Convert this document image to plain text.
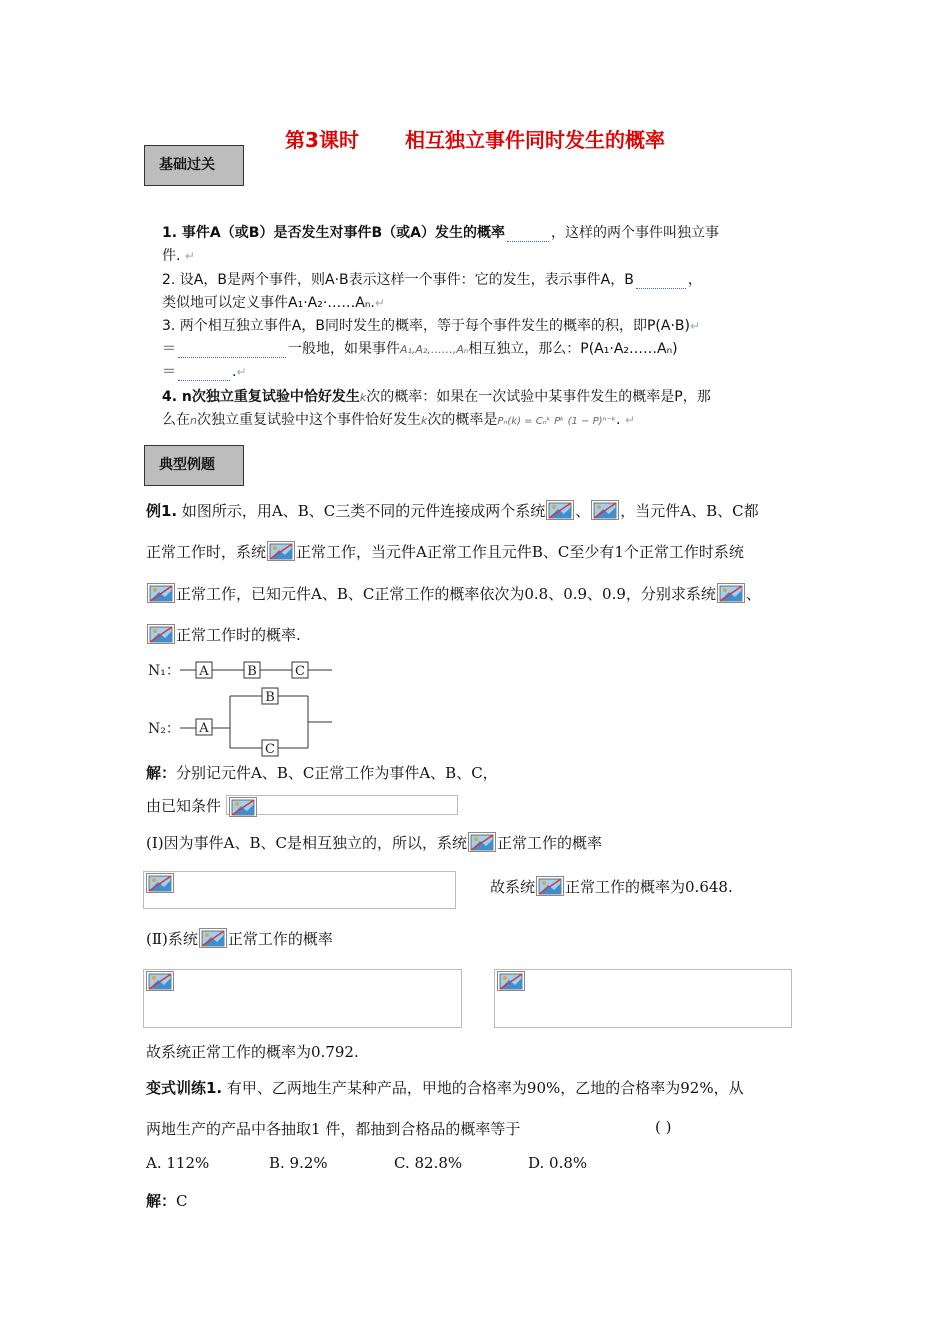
第3课时 相互独立事件同时发生的概率
基础过关
1. 事件A（或B）是否发生对事件B（或A）发生的概率	，这样的两个事件叫独立事
件. ↵
2. 设A，B是两个事件，则A·B表示这样一个事件：它的发生，表示事件A，B	，
类似地可以定义事件A₁·A₂·……Aₙ.↵
3. 两个相互独立事件A，B同时发生的概率，等于每个事件发生的概率的积，即P(A·B)↵
＝	一般地，如果事件A₁,A₂,……,Aₙ相互独立，那么：P(A₁·A₂……Aₙ)
＝	.↵
4. n次独立重复试验中恰好发生k次的概率：如果在一次试验中某事件发生的概率是P，那
么在n次独立重复试验中这个事件恰好发生k次的概率是Pₙ(k) = Cₙᵏ Pᵏ (1 − P)ⁿ⁻ᵏ. ↵
典型例题
例1. 如图所示，用A、B、C三类不同的元件连接成两个系统 、 ，当元件A、B、C都
正常工作时，系统 正常工作，当元件A正常工作且元件B、C至少有1个正常工作时系统
正常工作，已知元件A、B、C正常工作的概率依次为0.8、0.9、0.9，分别求系统 、
正常工作时的概率.
N₁：
N₂：
A	B	C
A
B
C
解：分别记元件A、B、C正常工作为事件A、B、C，
由已知条件
(Ⅰ)因为事件A、B、C是相互独立的，所以，系统 正常工作的概率
故系统 正常工作的概率为0.648.
(Ⅱ)系统 正常工作的概率
故系统正常工作的概率为0.792.
变式训练1. 有甲、乙两地生产某种产品，甲地的合格率为90%，乙地的合格率为92%，从
两地生产的产品中各抽取1 件，都抽到合格品的概率等于	( )
A. 112%	B. 9.2%	C. 82.8%	D. 0.8%
解：C
